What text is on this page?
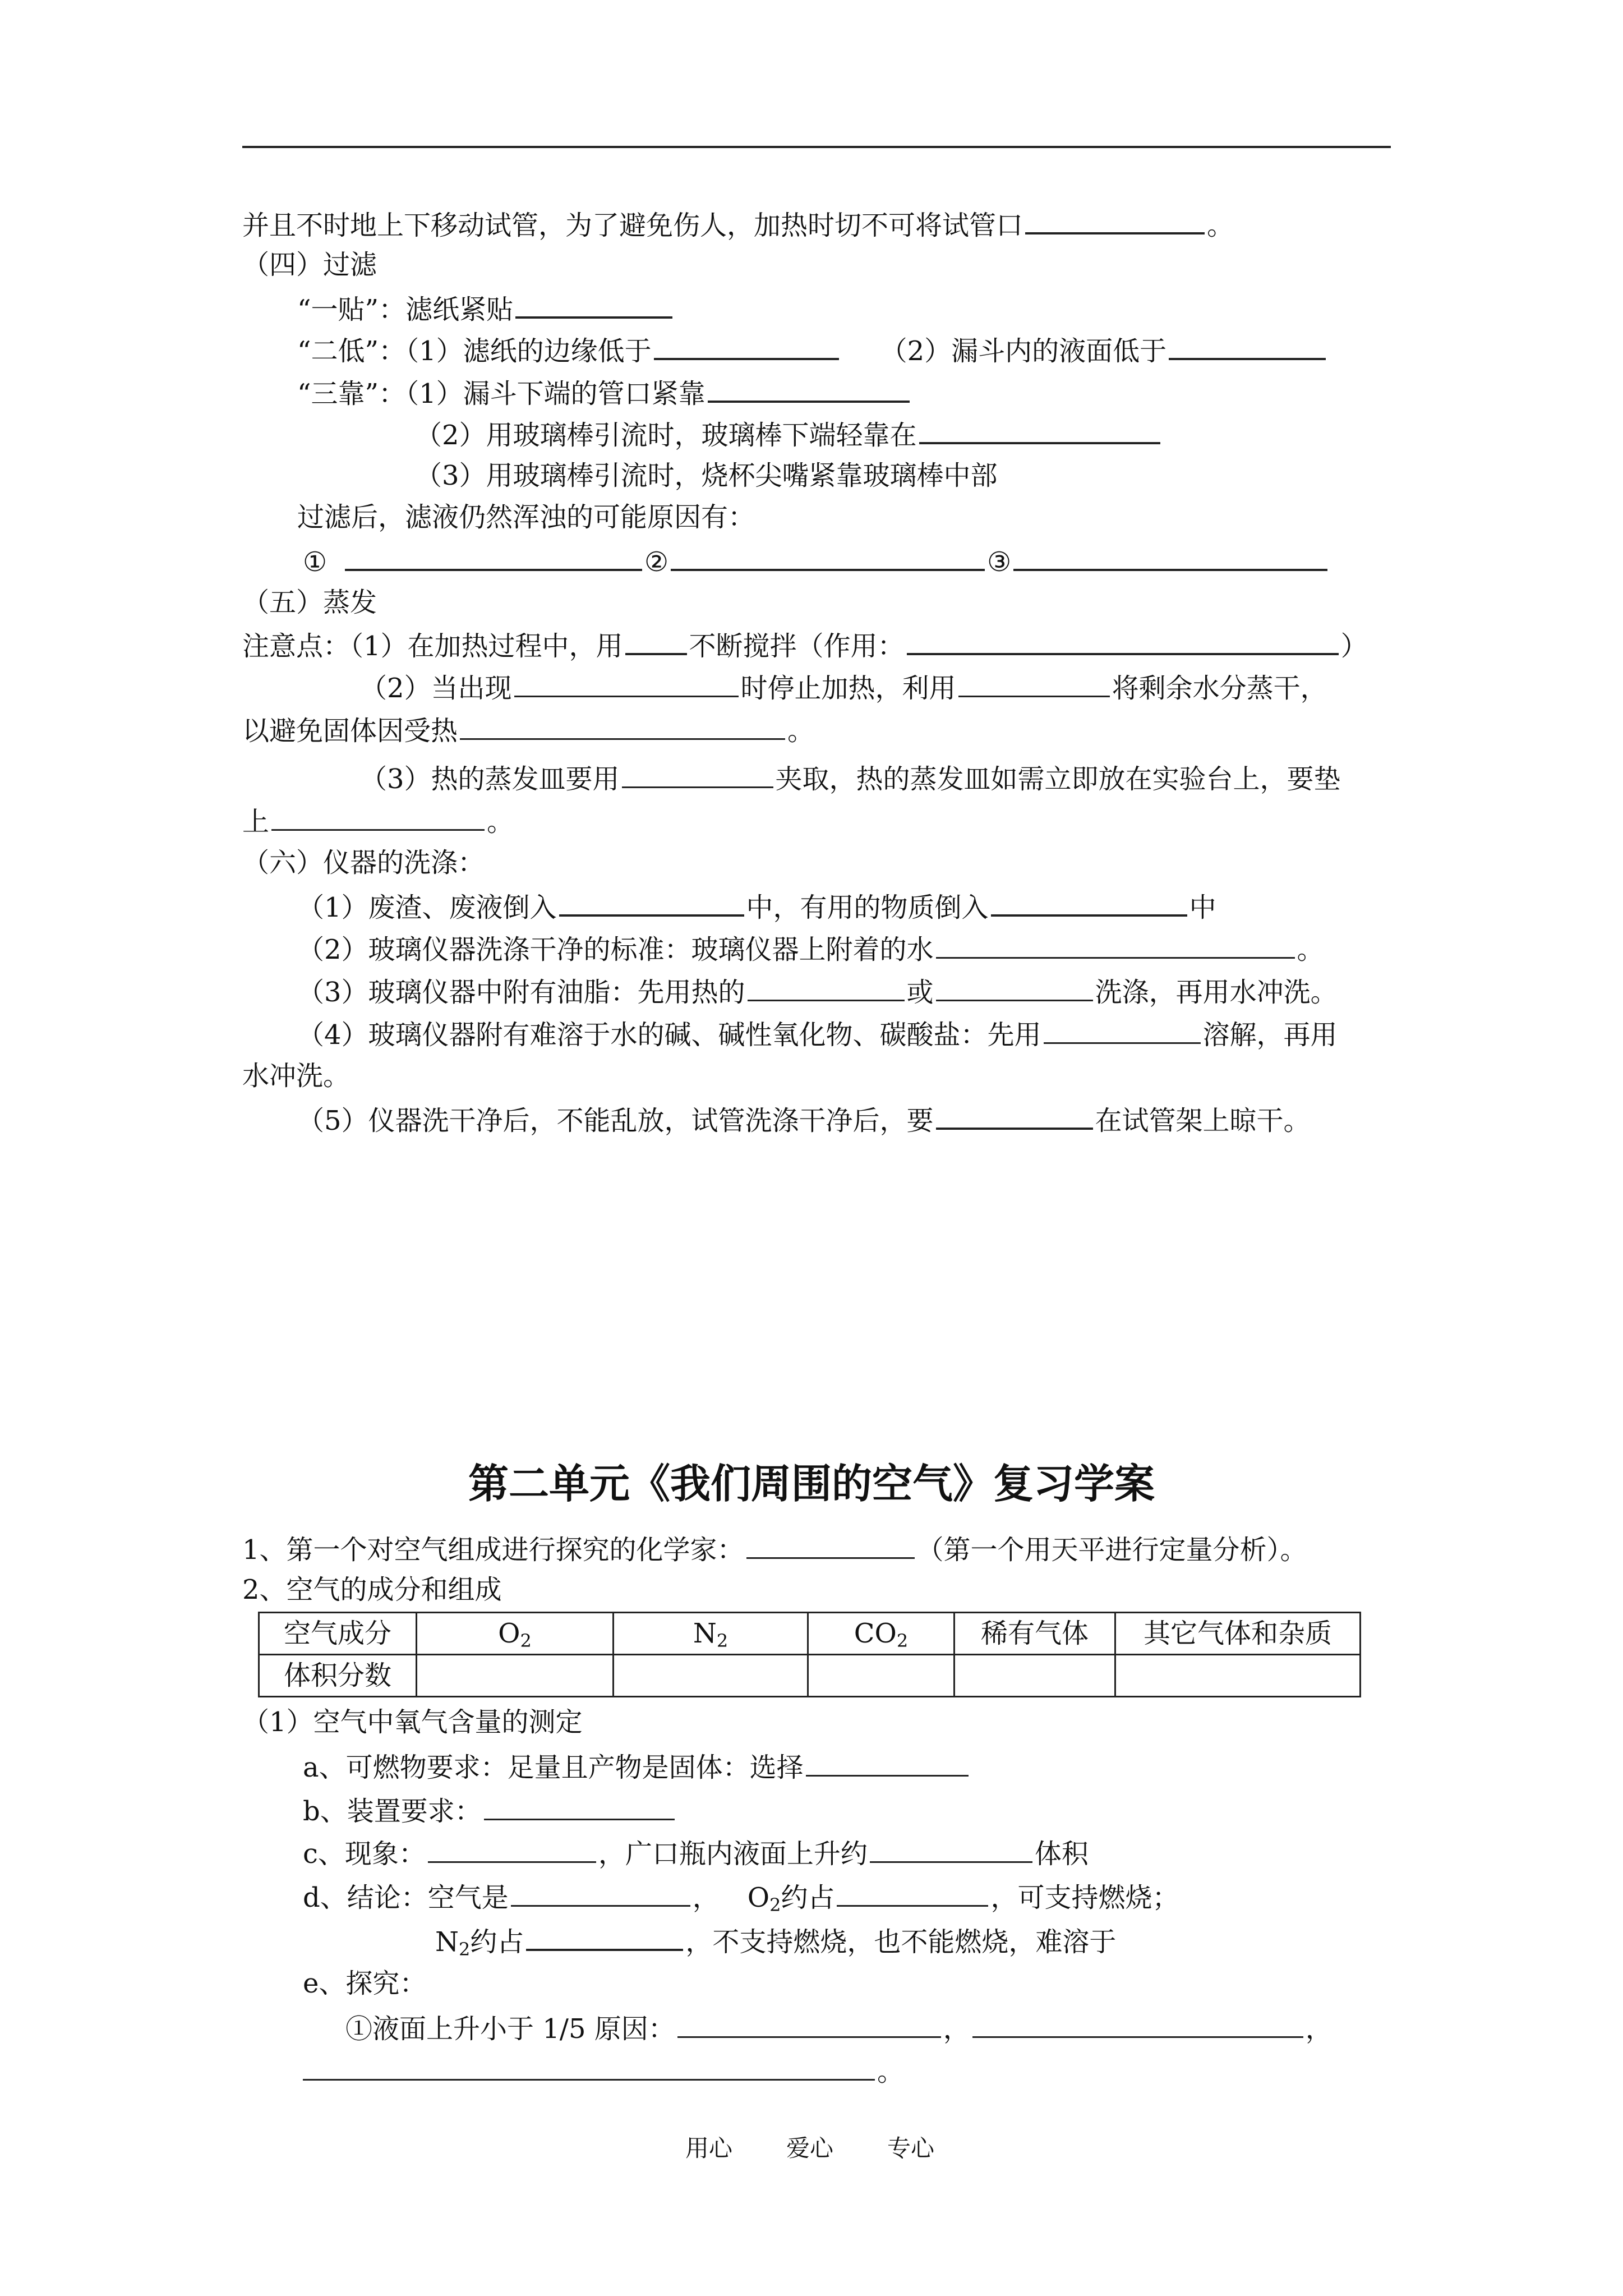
并且不时地上下移动试管，为了避免伤人，加热时切不可将试管口	。
（四）过滤
“一贴”：滤纸紧贴
“二低”：（1）滤纸的边缘低于	（2）漏斗内的液面低于
“三靠”：（1）漏斗下端的管口紧靠
（2）用玻璃棒引流时，玻璃棒下端轻靠在
（3）用玻璃棒引流时，烧杯尖嘴紧靠玻璃棒中部
过滤后，滤液仍然浑浊的可能原因有：
①	②	③
（五）蒸发
注意点：（1）在加热过程中，用 不断搅拌（作用：	）
（2）当出现	时停止加热，利用	将剩余水分蒸干，
以避免固体因受热	。
（3）热的蒸发皿要用	夹取，热的蒸发皿如需立即放在实验台上，要垫
上	。
（六）仪器的洗涤：
（1）废渣、废液倒入	中，有用的物质倒入	中
（2）玻璃仪器洗涤干净的标准：玻璃仪器上附着的水	。
（3）玻璃仪器中附有油脂：先用热的	或	洗涤，再用水冲洗。
（4）玻璃仪器附有难溶于水的碱、碱性氧化物、碳酸盐：先用	溶解，再用
水冲洗。
（5）仪器洗干净后，不能乱放，试管洗涤干净后，要	在试管架上晾干。
第二单元《我们周围的空气》复习学案
1、第一个对空气组成进行探究的化学家：	（第一个用天平进行定量分析）。
2、空气的成分和组成
空气成分	$O_2$	$N_2$	$CO_2$	稀有气体	其它气体和杂质
体积分数					
（1）空气中氧气含量的测定
a、可燃物要求：足量且产物是固体：选择
b、装置要求：
c、现象：	，广口瓶内液面上升约	体积
d、结论：空气是	， $O_2$约占	，可支持燃烧；
$N_2$约占	，不支持燃烧，也不能燃烧，难溶于
e、探究：
①液面上升小于 1/5 原因：	，	，
。
用心 爱心 专心
